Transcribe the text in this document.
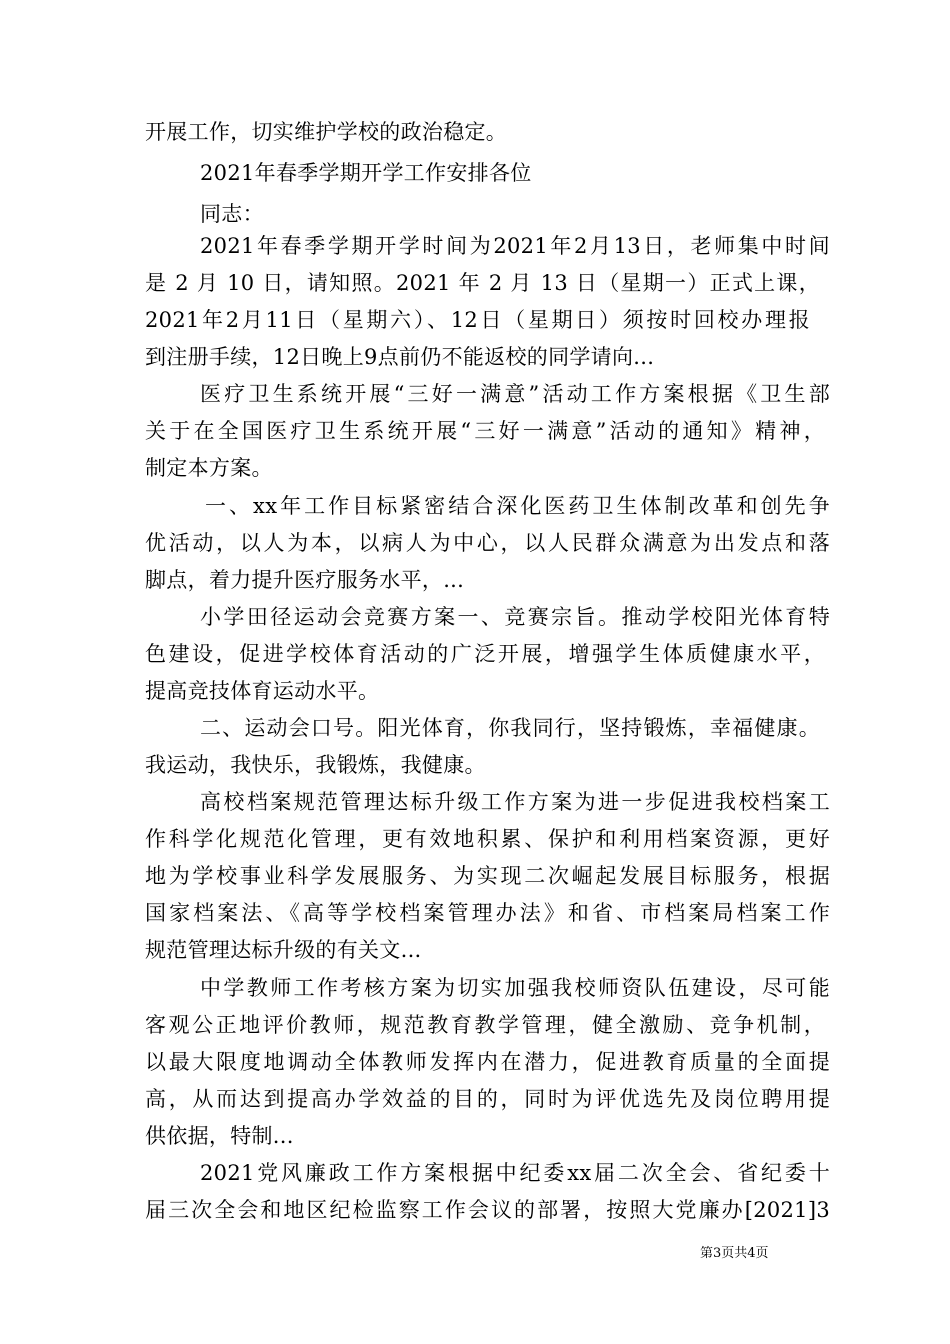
开展工作，切实维护学校的政治稳定。
2021年春季学期开学工作安排各位
同志：
2021年春季学期开学时间为2021年2月13日，老师集中时间
是 2 月 10 日，请知照。2021 年 2 月 13 日（星期一）正式上课，
2021年2月11日（星期六）、12日（星期日）须按时回校办理报
到注册手续，12日晚上9点前仍不能返校的同学请向...
医疗卫生系统开展“三好一满意”活动工作方案根据《卫生部
关于在全国医疗卫生系统开展“三好一满意”活动的通知》精神，
制定本方案。
一、xx年工作目标紧密结合深化医药卫生体制改革和创先争
优活动，以人为本，以病人为中心，以人民群众满意为出发点和落
脚点，着力提升医疗服务水平，...
小学田径运动会竞赛方案一、竞赛宗旨。推动学校阳光体育特
色建设，促进学校体育活动的广泛开展，增强学生体质健康水平，
提高竞技体育运动水平。
二、运动会口号。阳光体育，你我同行，坚持锻炼，幸福健康。
我运动，我快乐，我锻炼，我健康。
高校档案规范管理达标升级工作方案为进一步促进我校档案工
作科学化规范化管理，更有效地积累、保护和利用档案资源，更好
地为学校事业科学发展服务、为实现二次崛起发展目标服务，根据
国家档案法、《高等学校档案管理办法》和省、市档案局档案工作
规范管理达标升级的有关文...
中学教师工作考核方案为切实加强我校师资队伍建设，尽可能
客观公正地评价教师，规范教育教学管理，健全激励、竞争机制，
以最大限度地调动全体教师发挥内在潜力，促进教育质量的全面提
高，从而达到提高办学效益的目的，同时为评优选先及岗位聘用提
供依据，特制...
2021党风廉政工作方案根据中纪委xx届二次全会、省纪委十
届三次全会和地区纪检监察工作会议的部署，按照大党廉办[2021]3
第3页共4页
